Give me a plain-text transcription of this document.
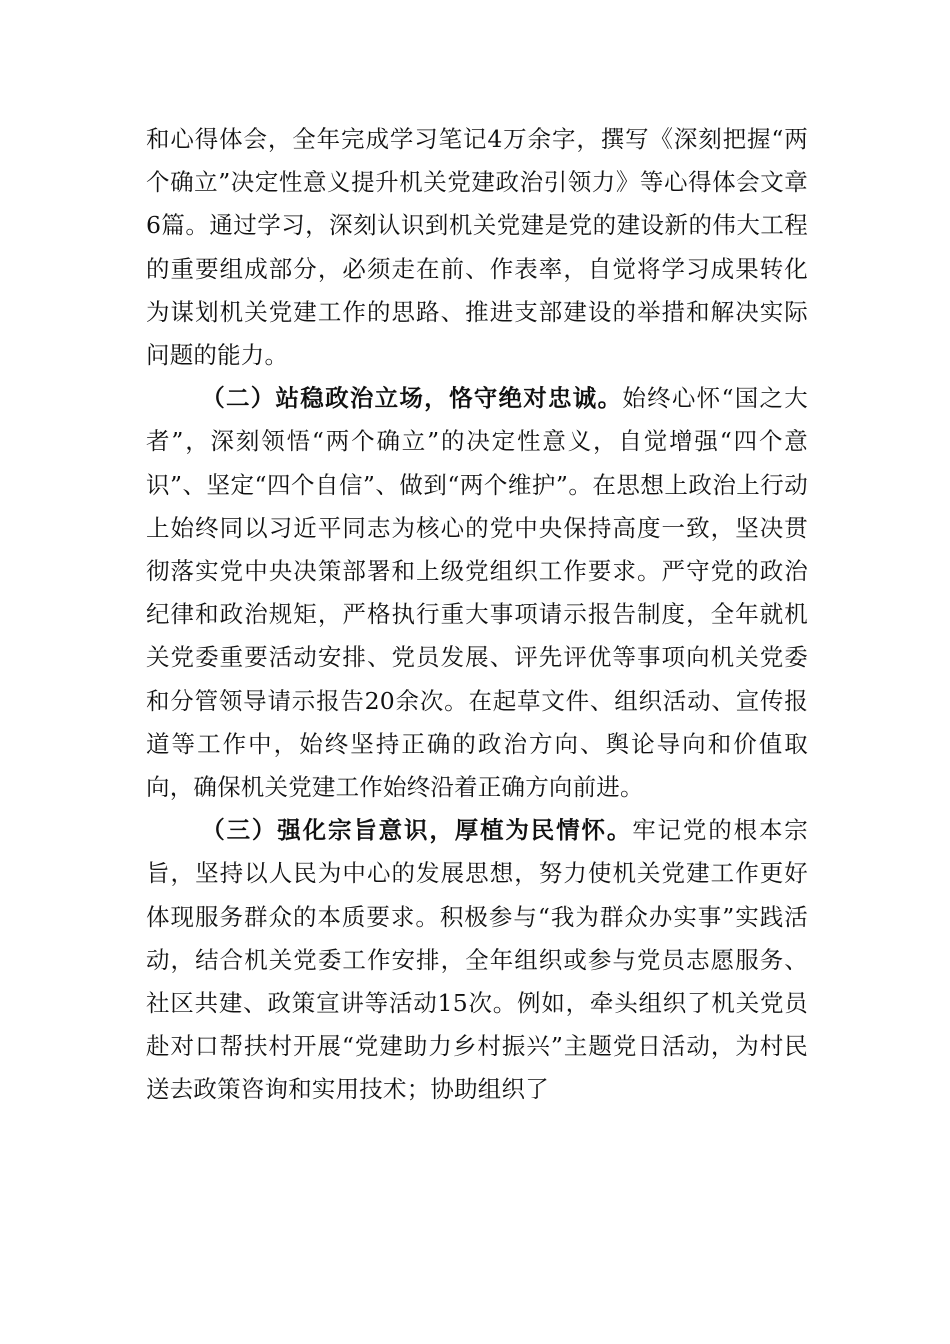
和心得体会，全年完成学习笔记4万余字，撰写《深刻把握“两个确立”决定性意义提升机关党建政治引领力》等心得体会文章6篇。通过学习，深刻认识到机关党建是党的建设新的伟大工程的重要组成部分，必须走在前、作表率，自觉将学习成果转化为谋划机关党建工作的思路、推进支部建设的举措和解决实际问题的能力。

（二）站稳政治立场，恪守绝对忠诚。始终心怀“国之大者”，深刻领悟“两个确立”的决定性意义，自觉增强“四个意识”、坚定“四个自信”、做到“两个维护”。在思想上政治上行动上始终同以习近平同志为核心的党中央保持高度一致，坚决贯彻落实党中央决策部署和上级党组织工作要求。严守党的政治纪律和政治规矩，严格执行重大事项请示报告制度，全年就机关党委重要活动安排、党员发展、评先评优等事项向机关党委和分管领导请示报告20余次。在起草文件、组织活动、宣传报道等工作中，始终坚持正确的政治方向、舆论导向和价值取向，确保机关党建工作始终沿着正确方向前进。

（三）强化宗旨意识，厚植为民情怀。牢记党的根本宗旨，坚持以人民为中心的发展思想，努力使机关党建工作更好体现服务群众的本质要求。积极参与“我为群众办实事”实践活动，结合机关党委工作安排，全年组织或参与党员志愿服务、社区共建、政策宣讲等活动15次。例如，牵头组织了机关党员赴对口帮扶村开展“党建助力乡村振兴”主题党日活动，为村民送去政策咨询和实用技术；协助组织了
